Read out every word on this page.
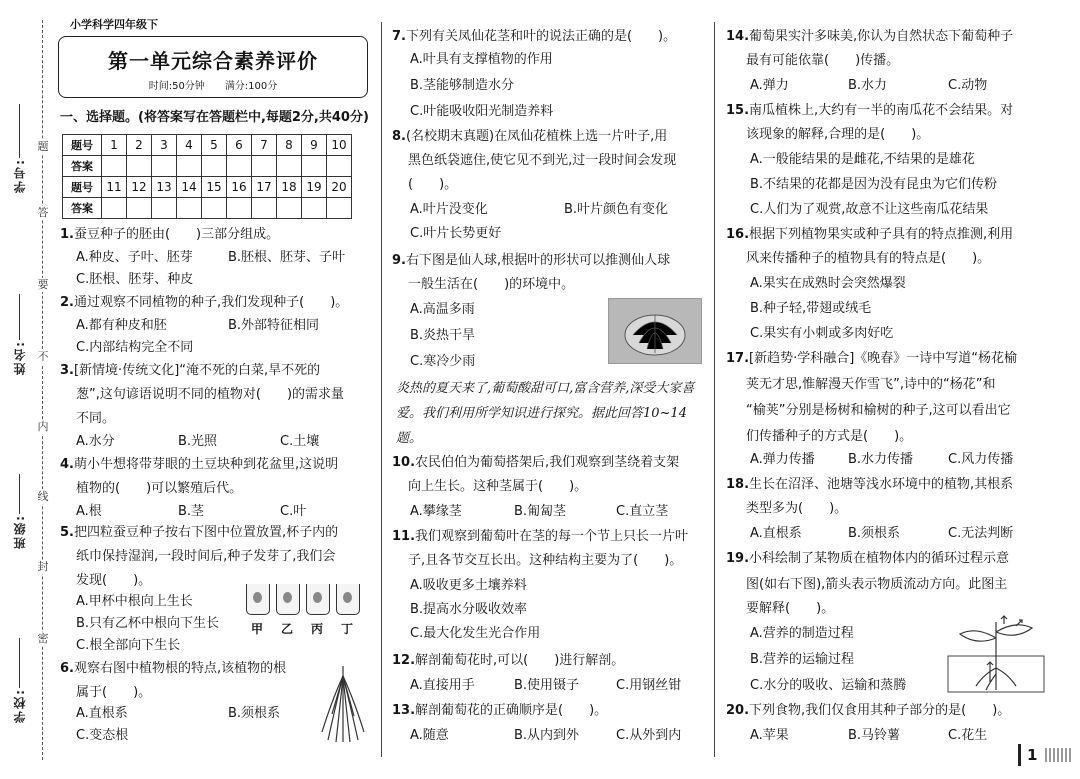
题
答
要
不
内
线
封
密
学号:
姓名:
班级:
学校:
小学科学四年级下
第一单元综合素养评价
时间:50分钟　　 满分:100分
一、选择题。(将答案写在答题栏中,每题2分,共40分)
题号	1	2	3	4	5	6	7	8	9	10
答案										
题号	11	12	13	14	15	16	17	18	19	20
答案										
1.蚕豆种子的胚由(　　)三部分组成。
A.种皮、子叶、胚芽	B.胚根、胚芽、子叶
C.胚根、胚芽、种皮
2.通过观察不同植物的种子,我们发现种子(　　)。
A.都有种皮和胚	B.外部特征相同
C.内部结构完全不同
3.[新情境·传统文化]“淹不死的白菜,旱不死的
葱”,这句谚语说明不同的植物对(　　)的需求量
不同。
A.水分	B.光照	C.土壤
4.萌小牛想将带芽眼的土豆块种到花盆里,这说明
植物的(　　)可以繁殖后代。
A.根	B.茎	C.叶
5.把四粒蚕豆种子按右下图中位置放置,杯子内的
纸巾保持湿润,一段时间后,种子发芽了,我们会
发现(　　)。
A.甲杯中根向上生长
B.只有乙杯中根向下生长
C.根全部向下生长
甲	乙	丙	丁
6.观察右图中植物根的特点,该植物的根
属于(　　)。
A.直根系	B.须根系
C.变态根
7.下列有关凤仙花茎和叶的说法正确的是(　　)。
A.叶具有支撑植物的作用
B.茎能够制造水分
C.叶能吸收阳光制造养料
8.(名校期末真题)在凤仙花植株上选一片叶子,用
黑色纸袋遮住,使它见不到光,过一段时间会发现
(　　)。
A.叶片没变化	B.叶片颜色有变化
C.叶片长势更好
9.右下图是仙人球,根据叶的形状可以推测仙人球
一般生活在(　　)的环境中。
A.高温多雨
B.炎热干旱
C.寒冷少雨
炎热的夏天来了,葡萄酸甜可口,富含营养,深受大家喜爱。我们利用所学知识进行探究。据此回答10~14题。
10.农民伯伯为葡萄搭架后,我们观察到茎绕着支架
向上生长。这种茎属于(　　)。
A.攀缘茎	B.匍匐茎	C.直立茎
11.我们观察到葡萄叶在茎的每一个节上只长一片叶
子,且各节交互长出。这种结构主要为了(　　)。
A.吸收更多土壤养料
B.提高水分吸收效率
C.最大化发生光合作用
12.解剖葡萄花时,可以(　　)进行解剖。
A.直接用手	B.使用镊子	C.用钢丝钳
13.解剖葡萄花的正确顺序是(　　)。
A.随意	B.从内到外	C.从外到内
14.葡萄果实汁多味美,你认为自然状态下葡萄种子
最有可能依靠(　　)传播。
A.弹力	B.水力	C.动物
15.南瓜植株上,大约有一半的南瓜花不会结果。对
该现象的解释,合理的是(　　)。
A.一般能结果的是雌花,不结果的是雄花
B.不结果的花都是因为没有昆虫为它们传粉
C.人们为了观赏,故意不让这些南瓜花结果
16.根据下列植物果实或种子具有的特点推测,利用
风来传播种子的植物具有的特点是(　　)。
A.果实在成熟时会突然爆裂
B.种子轻,带翅或绒毛
C.果实有小刺或多肉好吃
17.[新趋势·学科融合]《晚春》一诗中写道“杨花榆
荚无才思,惟解漫天作雪飞”,诗中的“杨花”和
“榆荚”分别是杨树和榆树的种子,这可以看出它
们传播种子的方式是(　　)。
A.弹力传播	B.水力传播	C.风力传播
18.生长在沼泽、池塘等浅水环境中的植物,其根系
类型多为(　　)。
A.直根系	B.须根系	C.无法判断
19.小科绘制了某物质在植物体内的循环过程示意
图(如右下图),箭头表示物质流动方向。此图主
要解释(　　)。
A.营养的制造过程
B.营养的运输过程
C.水分的吸收、运输和蒸腾
20.下列食物,我们仅食用其种子部分的是(　　)。
A.苹果	B.马铃薯	C.花生
1
